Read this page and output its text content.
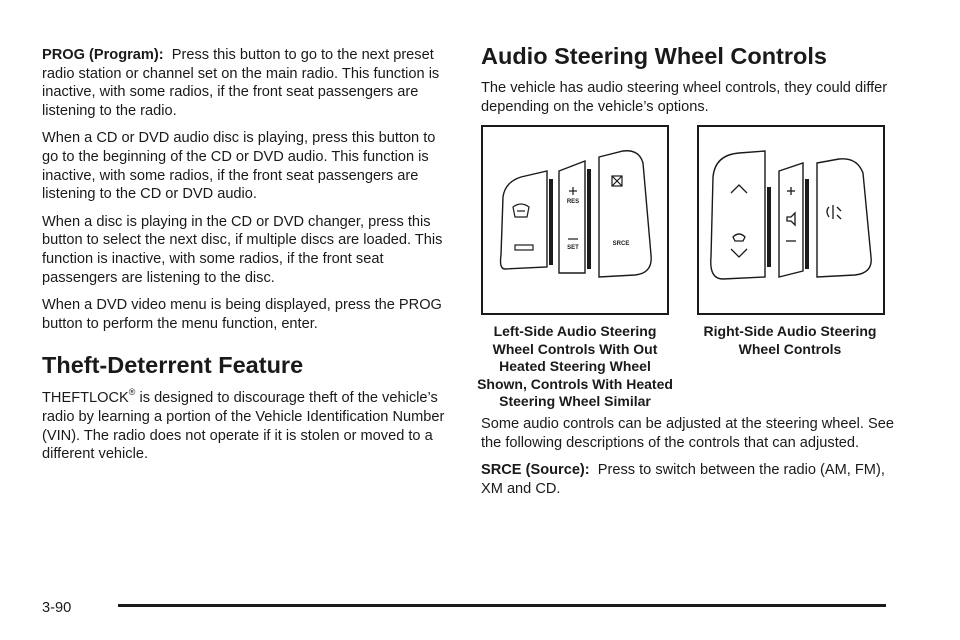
PROG (Program): Press this button to go to the next preset radio station or channel set on the main radio. This function is inactive, with some radios, if the front seat passengers are listening to the radio.

When a CD or DVD audio disc is playing, press this button to go to the beginning of the CD or DVD audio. This function is inactive, with some radios, if the front seat passengers are listening to the CD or DVD audio.

When a disc is playing in the CD or DVD changer, press this button to select the next disc, if multiple discs are loaded. This function is inactive, with some radios, if the front seat passengers are listening to the disc.

When a DVD video menu is being displayed, press the PROG button to perform the menu function, enter.

Theft-Deterrent Feature

THEFTLOCK® is designed to discourage theft of the vehicle’s radio by learning a portion of the Vehicle Identification Number (VIN). The radio does not operate if it is stolen or moved to a different vehicle.

Audio Steering Wheel Controls

The vehicle has audio steering wheel controls, they could differ depending on the vehicle’s options.

RES
SET
SRCE
Left-Side Audio Steering Wheel Controls With Out Heated Steering Wheel Shown, Controls With Heated Steering Wheel Similar
Right-Side Audio Steering Wheel Controls

Some audio controls can be adjusted at the steering wheel. See the following descriptions of the controls that can adjusted.

SRCE (Source): Press to switch between the radio (AM, FM), XM and CD.

3-90
